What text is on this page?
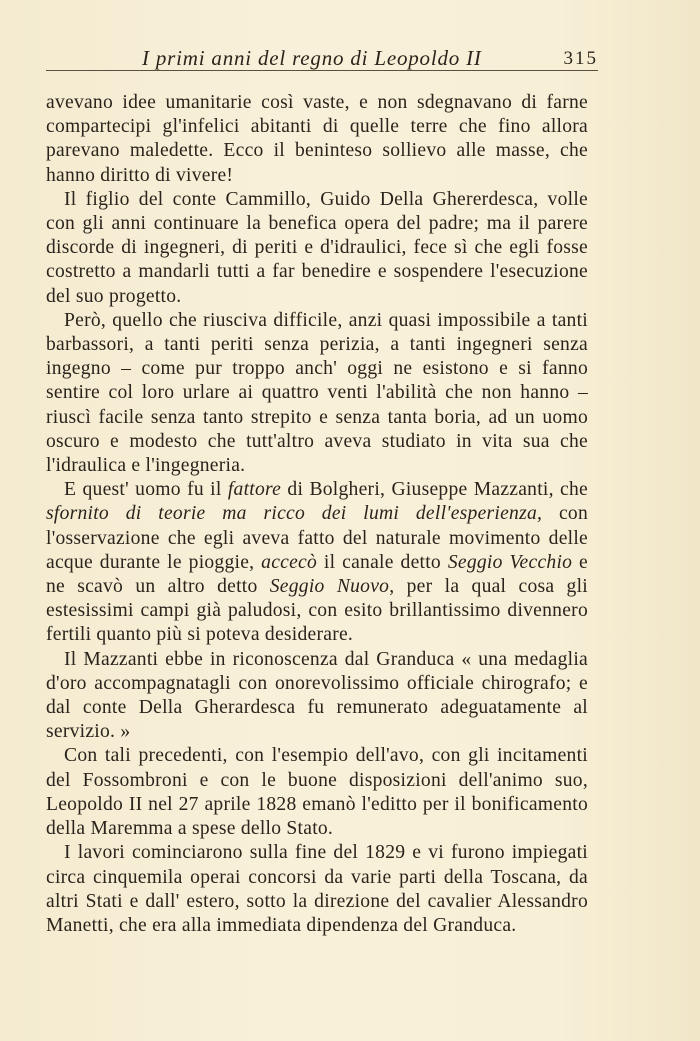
I primi anni del regno di Leopoldo II	315

avevano idee umanitarie così vaste, e non sdegnavano di farne compartecipi gl'infelici abitanti di quelle terre che fino allora parevano maledette. Ecco il beninteso sollievo alle masse, che hanno diritto di vivere!

Il figlio del conte Cammillo, Guido Della Ghererdesca, volle con gli anni continuare la benefica opera del padre; ma il parere discorde di ingegneri, di periti e d'idraulici, fece sì che egli fosse costretto a mandarli tutti a far benedire e sospendere l'esecuzione del suo progetto.

Però, quello che riusciva difficile, anzi quasi impossibile a tanti barbassori, a tanti periti senza perizia, a tanti ingegneri senza ingegno – come pur troppo anch' oggi ne esistono e si fanno sentire col loro urlare ai quattro venti l'abilità che non hanno – riuscì facile senza tanto strepito e senza tanta boria, ad un uomo oscuro e modesto che tutt'altro aveva studiato in vita sua che l'idraulica e l'ingegneria.

E quest' uomo fu il fattore di Bolgheri, Giuseppe Mazzanti, che sfornito di teorie ma ricco dei lumi dell'esperienza, con l'osservazione che egli aveva fatto del naturale movimento delle acque durante le pioggie, accecò il canale detto Seggio Vecchio e ne scavò un altro detto Seggio Nuovo, per la qual cosa gli estesissimi campi già paludosi, con esito brillantissimo divennero fertili quanto più si poteva desiderare.

Il Mazzanti ebbe in riconoscenza dal Granduca « una medaglia d'oro accompagnatagli con onorevolissimo officiale chirografo; e dal conte Della Gherardesca fu remunerato adeguatamente al servizio. »

Con tali precedenti, con l'esempio dell'avo, con gli incitamenti del Fossombroni e con le buone disposizioni dell'animo suo, Leopoldo II nel 27 aprile 1828 emanò l'editto per il bonificamento della Maremma a spese dello Stato.

I lavori cominciarono sulla fine del 1829 e vi furono impiegati circa cinquemila operai concorsi da varie parti della Toscana, da altri Stati e dall' estero, sotto la direzione del cavalier Alessandro Manetti, che era alla immediata dipendenza del Granduca.
